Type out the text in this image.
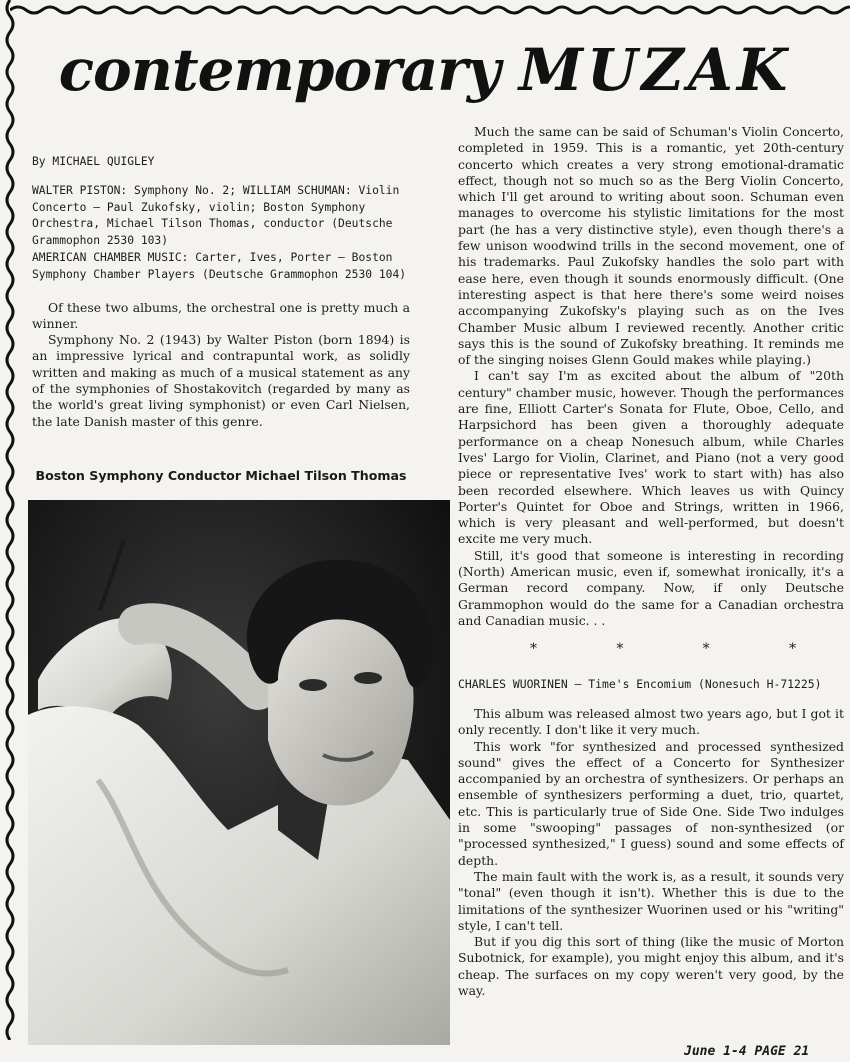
contemporary MUZAK

By MICHAEL QUIGLEY

WALTER PISTON: Symphony No. 2; WILLIAM SCHUMAN: Violin Concerto — Paul Zukofsky, violin; Boston Symphony Orchestra, Michael Tilson Thomas, conductor (Deutsche Grammophon 2530 103)

AMERICAN CHAMBER MUSIC: Carter, Ives, Porter — Boston Symphony Chamber Players (Deutsche Grammophon 2530 104)

Of these two albums, the orchestral one is pretty much a winner.

Symphony No. 2 (1943) by Walter Piston (born 1894) is an impressive lyrical and contrapuntal work, as solidly written and making as much of a musical statement as any of the symphonies of Shostakovitch (regarded by many as the world's great living symphonist) or even Carl Nielsen, the late Danish master of this genre.

Boston Symphony Conductor Michael Tilson Thomas

Much the same can be said of Schuman's Violin Concerto, completed in 1959. This is a romantic, yet 20th-century concerto which creates a very strong emotional-dramatic effect, though not so much so as the Berg Violin Concerto, which I'll get around to writing about soon. Schuman even manages to overcome his stylistic limitations for the most part (he has a very distinctive style), even though there's a few unison woodwind trills in the second movement, one of his trademarks. Paul Zukofsky handles the solo part with ease here, even though it sounds enormously difficult. (One interesting aspect is that here there's some weird noises accompanying Zukofsky's playing such as on the Ives Chamber Music album I reviewed recently. Another critic says this is the sound of Zukofsky breathing. It reminds me of the singing noises Glenn Gould makes while playing.)

I can't say I'm as excited about the album of "20th century" chamber music, however. Though the performances are fine, Elliott Carter's Sonata for Flute, Oboe, Cello, and Harpsichord has been given a thoroughly adequate performance on a cheap Nonesuch album, while Charles Ives' Largo for Violin, Clarinet, and Piano (not a very good piece or representative Ives' work to start with) has also been recorded elsewhere. Which leaves us with Quincy Porter's Quintet for Oboe and Strings, written in 1966, which is very pleasant and well-performed, but doesn't excite me very much.

Still, it's good that someone is interesting in recording (North) American music, even if, somewhat ironically, it's a German record company. Now, if only Deutsche Grammophon would do the same for a Canadian orchestra and Canadian music. . .

*	*	*	*

CHARLES WUORINEN — Time's Encomium (Nonesuch H-71225)

This album was released almost two years ago, but I got it only recently. I don't like it very much.

This work "for synthesized and processed synthesized sound" gives the effect of a Concerto for Synthesizer accompanied by an orchestra of synthesizers. Or perhaps an ensemble of synthesizers performing a duet, trio, quartet, etc. This is particularly true of Side One. Side Two indulges in some "swooping" passages of non-synthesized (or "processed synthesized," I guess) sound and some effects of depth.

The main fault with the work is, as a result, it sounds very "tonal" (even though it isn't). Whether this is due to the limitations of the synthesizer Wuorinen used or his "writing" style, I can't tell.

But if you dig this sort of thing (like the music of Morton Subotnick, for example), you might enjoy this album, and it's cheap. The surfaces on my copy weren't very good, by the way.

June 1-4 PAGE 21
